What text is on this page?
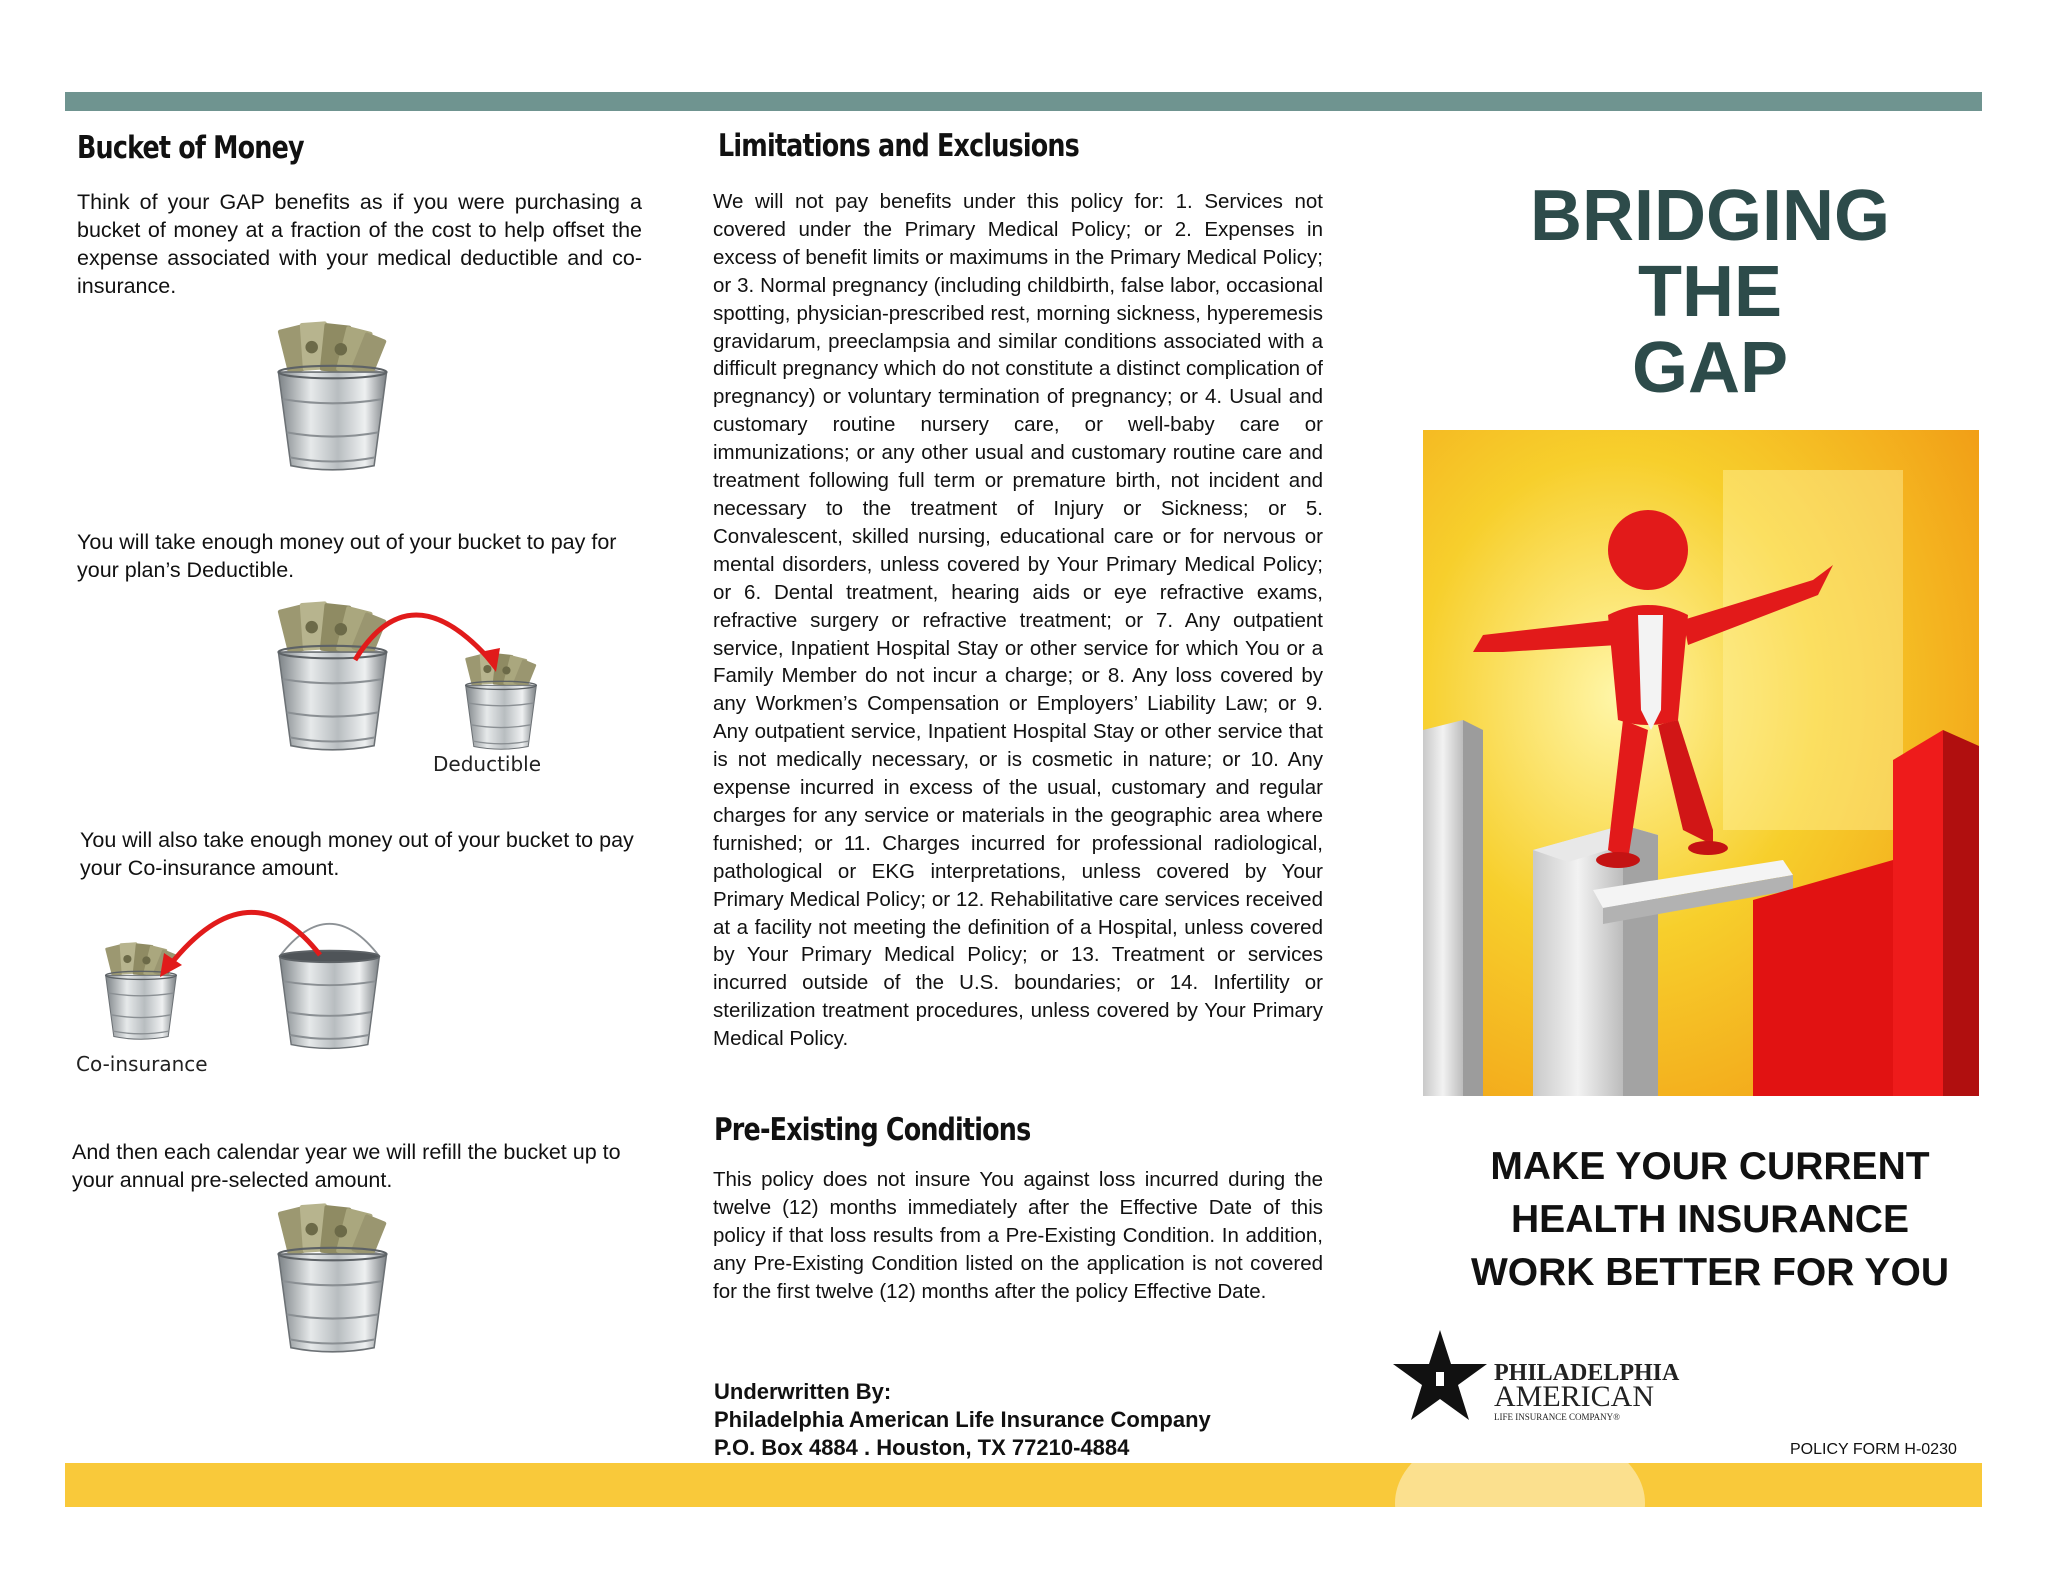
Bucket of Money

Think of your GAP benefits as if you were purchasing a bucket of money at a fraction of the cost to help offset the expense associated with your medical deductible and co-insurance.

You will take enough money out of your bucket to pay for your plan’s Deductible.

Deductible

You will also take enough money out of your bucket to pay your Co-insurance amount.

Co-insurance

And then each calendar year we will refill the bucket up to your annual pre-selected amount.

Limitations and Exclusions

We will not pay benefits under this policy for: 1. Services not covered under the Primary Medical Policy; or 2. Expenses in excess of benefit limits or maximums in the Primary Medical Policy; or 3. Normal pregnancy (including childbirth, false labor, occasional spotting, physician-prescribed rest, morning sickness, hyperemesis gravidarum, preeclampsia and similar conditions associated with a difficult pregnancy which do not constitute a distinct complication of pregnancy) or voluntary termination of pregnancy; or 4. Usual and customary routine nursery care, or well-baby care or immunizations; or any other usual and customary routine care and treatment following full term or premature birth, not incident and necessary to the treatment of Injury or Sickness; or 5. Convalescent, skilled nursing, educational care or for nervous or mental disorders, unless covered by Your Primary Medical Policy; or 6. Dental treatment, hearing aids or eye refractive exams, refractive surgery or refractive treatment; or 7. Any outpatient service, Inpatient Hospital Stay or other service for which You or a Family Member do not incur a charge; or 8. Any loss covered by any Workmen’s Compensation or Employers’ Liability Law; or 9. Any outpatient service, Inpatient Hospital Stay or other service that is not medically necessary, or is cosmetic in nature; or 10. Any expense incurred in excess of the usual, customary and regular charges for any service or materials in the geographic area where furnished; or 11. Charges incurred for professional radiological, pathological or EKG interpretations, unless covered by Your Primary Medical Policy; or 12. Rehabilitative care services received at a facility not meeting the definition of a Hospital, unless covered by Your Primary Medical Policy; or 13. Treatment or services incurred outside of the U.S. boundaries; or 14. Infertility or sterilization treatment procedures, unless covered by Your Primary Medical Policy.

Pre-Existing Conditions

This policy does not insure You against loss incurred during the twelve (12) months immediately after the Effective Date of this policy if that loss results from a Pre-Existing Condition. In addition, any Pre-Existing Condition listed on the application is not covered for the first twelve (12) months after the policy Effective Date.

Underwritten By:
Philadelphia American Life Insurance Company
P.O. Box 4884 . Houston, TX 77210-4884
BRIDGING
THE
GAP
MAKE YOUR CURRENT
HEALTH INSURANCE
WORK BETTER FOR YOU
PHILADELPHIA
AMERICAN
LIFE INSURANCE COMPANY®
POLICY FORM H-0230
